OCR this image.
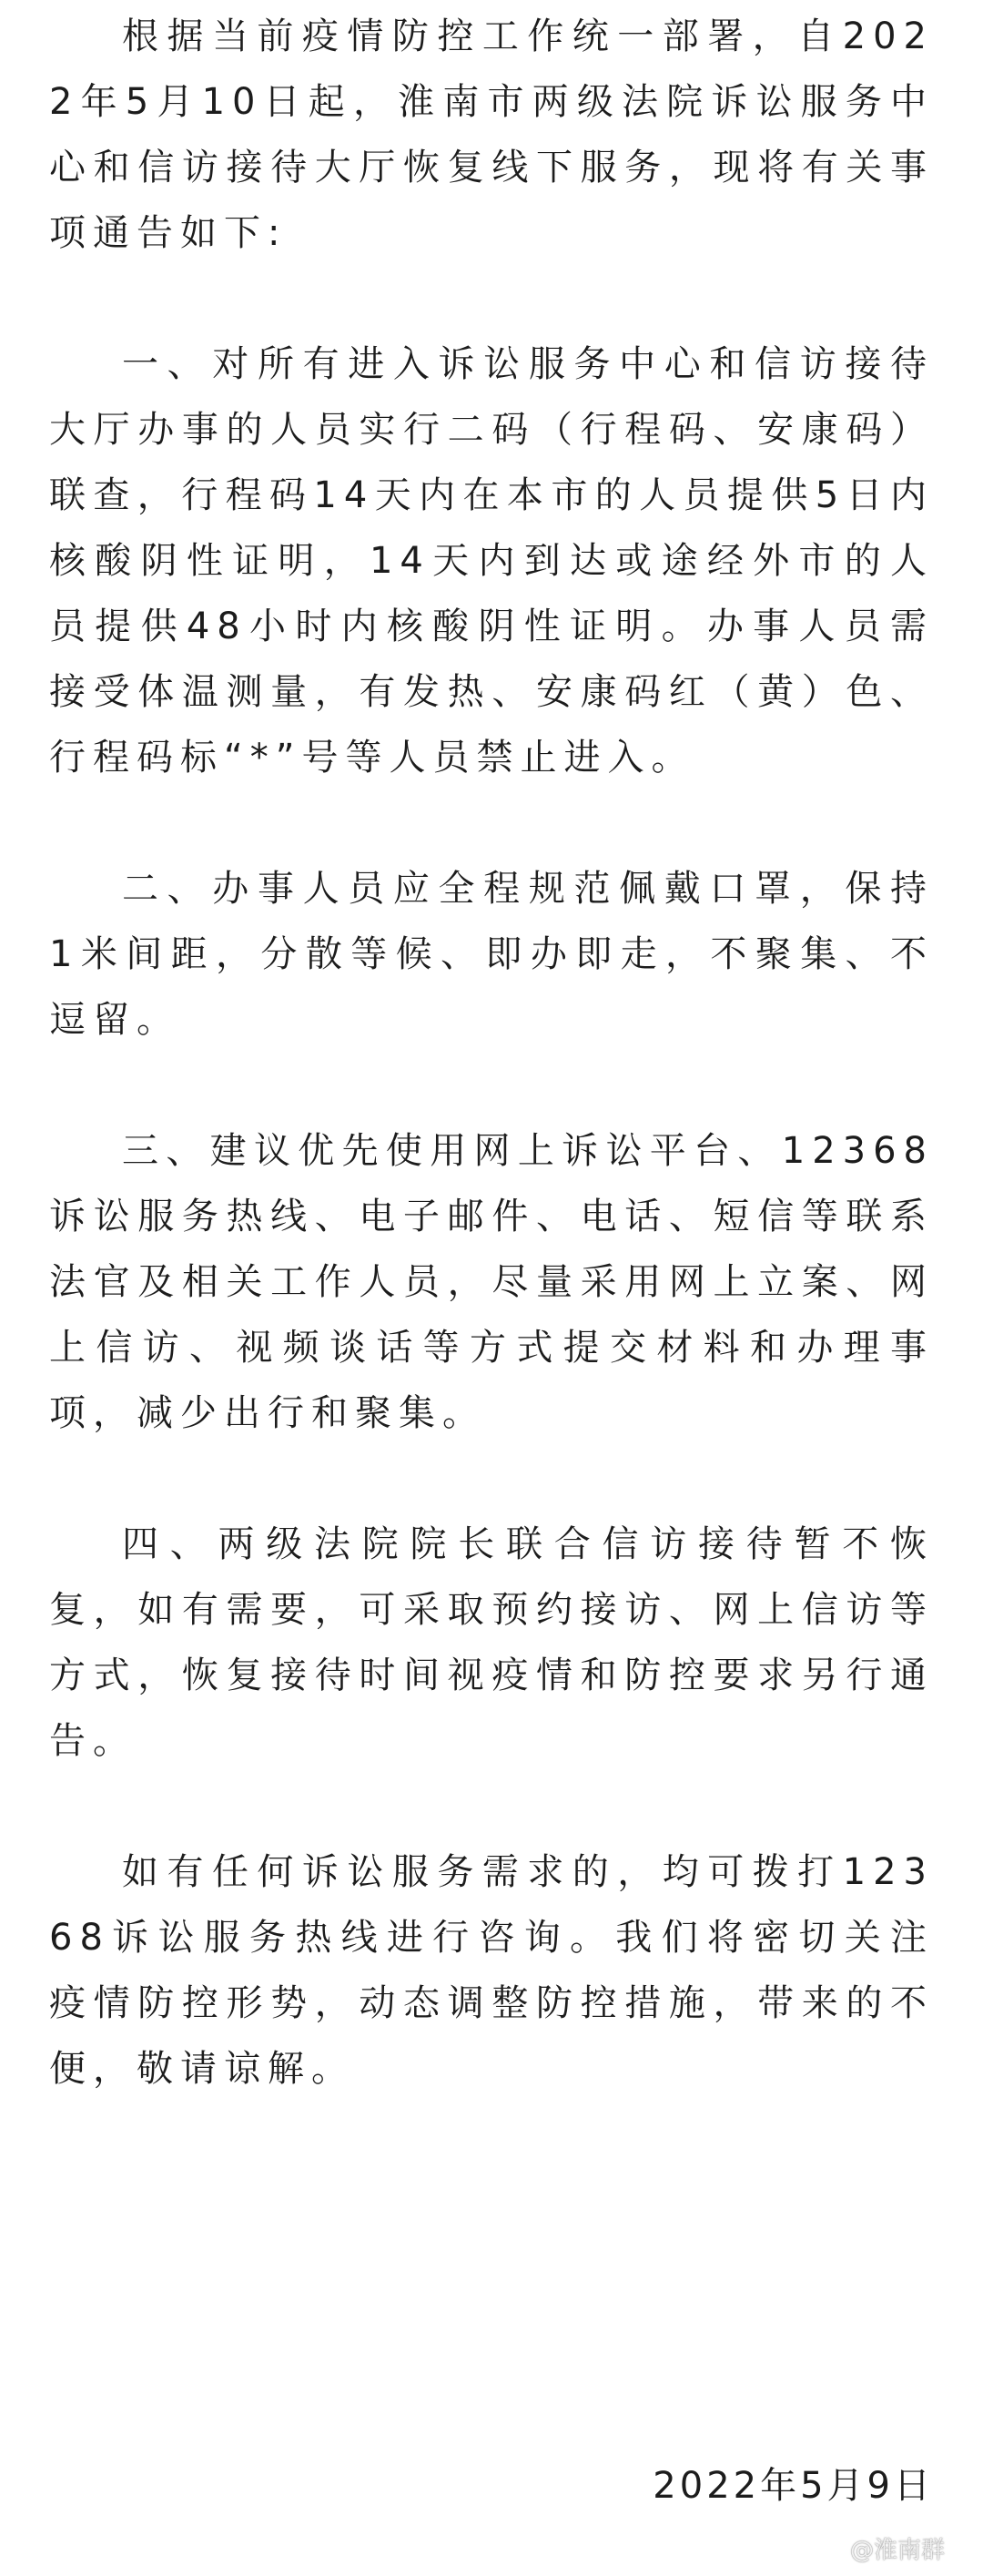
根据当前疫情防控工作统一部署，自2022年5月10日起，淮南市两级法院诉讼服务中心和信访接待大厅恢复线下服务，现将有关事项通告如下:

一、对所有进入诉讼服务中心和信访接待大厅办事的人员实行二码（行程码、安康码）联查，行程码14天内在本市的人员提供5日内核酸阴性证明，14天内到达或途经外市的人员提供48小时内核酸阴性证明。办事人员需接受体温测量，有发热、安康码红（黄）色、行程码标“*”号等人员禁止进入。

二、办事人员应全程规范佩戴口罩，保持1米间距，分散等候、即办即走，不聚集、不逗留。

三、建议优先使用网上诉讼平台、12368诉讼服务热线、电子邮件、电话、短信等联系法官及相关工作人员，尽量采用网上立案、网上信访、视频谈话等方式提交材料和办理事项，减少出行和聚集。

四、两级法院院长联合信访接待暂不恢复，如有需要，可采取预约接访、网上信访等方式，恢复接待时间视疫情和防控要求另行通告。

如有任何诉讼服务需求的，均可拨打12368诉讼服务热线进行咨询。我们将密切关注疫情防控形势，动态调整防控措施，带来的不便，敬请谅解。

2022年5月9日
@淮南群
